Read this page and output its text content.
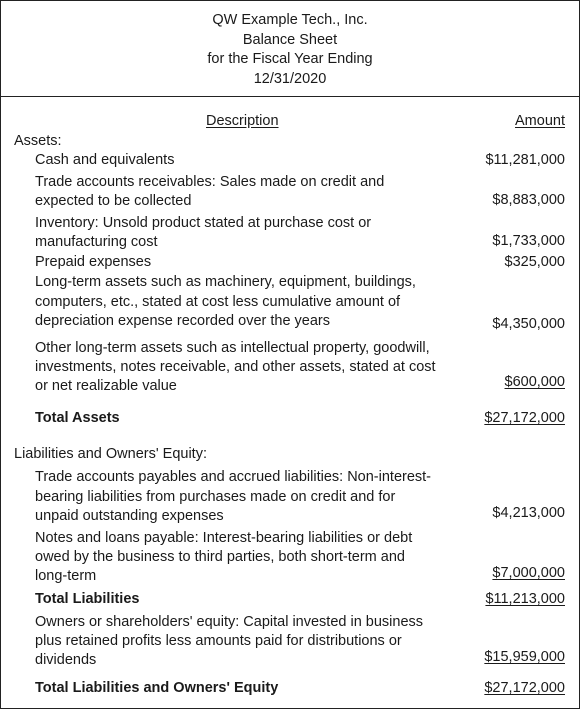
QW Example Tech., Inc.
Balance Sheet
for the Fiscal Year Ending
12/31/2020
Description	Amount
Assets:
Cash and equivalents	$11,281,000
Trade accounts receivables: Sales made on credit and
expected to be collected	$8,883,000
Inventory: Unsold product stated at purchase cost or
manufacturing cost	$1,733,000
Prepaid expenses	$325,000
Long-term assets such as machinery, equipment, buildings,
computers, etc., stated at cost less cumulative amount of
depreciation expense recorded over the years	$4,350,000
Other long-term assets such as intellectual property, goodwill,
investments, notes receivable, and other assets, stated at cost
or net realizable value	$600,000
Total Assets	$27,172,000
Liabilities and Owners' Equity:
Trade accounts payables and accrued liabilities: Non-interest-
bearing liabilities from purchases made on credit and for
unpaid outstanding expenses	$4,213,000
Notes and loans payable: Interest-bearing liabilities or debt
owed by the business to third parties, both short-term and
long-term	$7,000,000
Total Liabilities	$11,213,000
Owners or shareholders' equity: Capital invested in business
plus retained profits less amounts paid for distributions or
dividends	$15,959,000
Total Liabilities and Owners' Equity	$27,172,000
